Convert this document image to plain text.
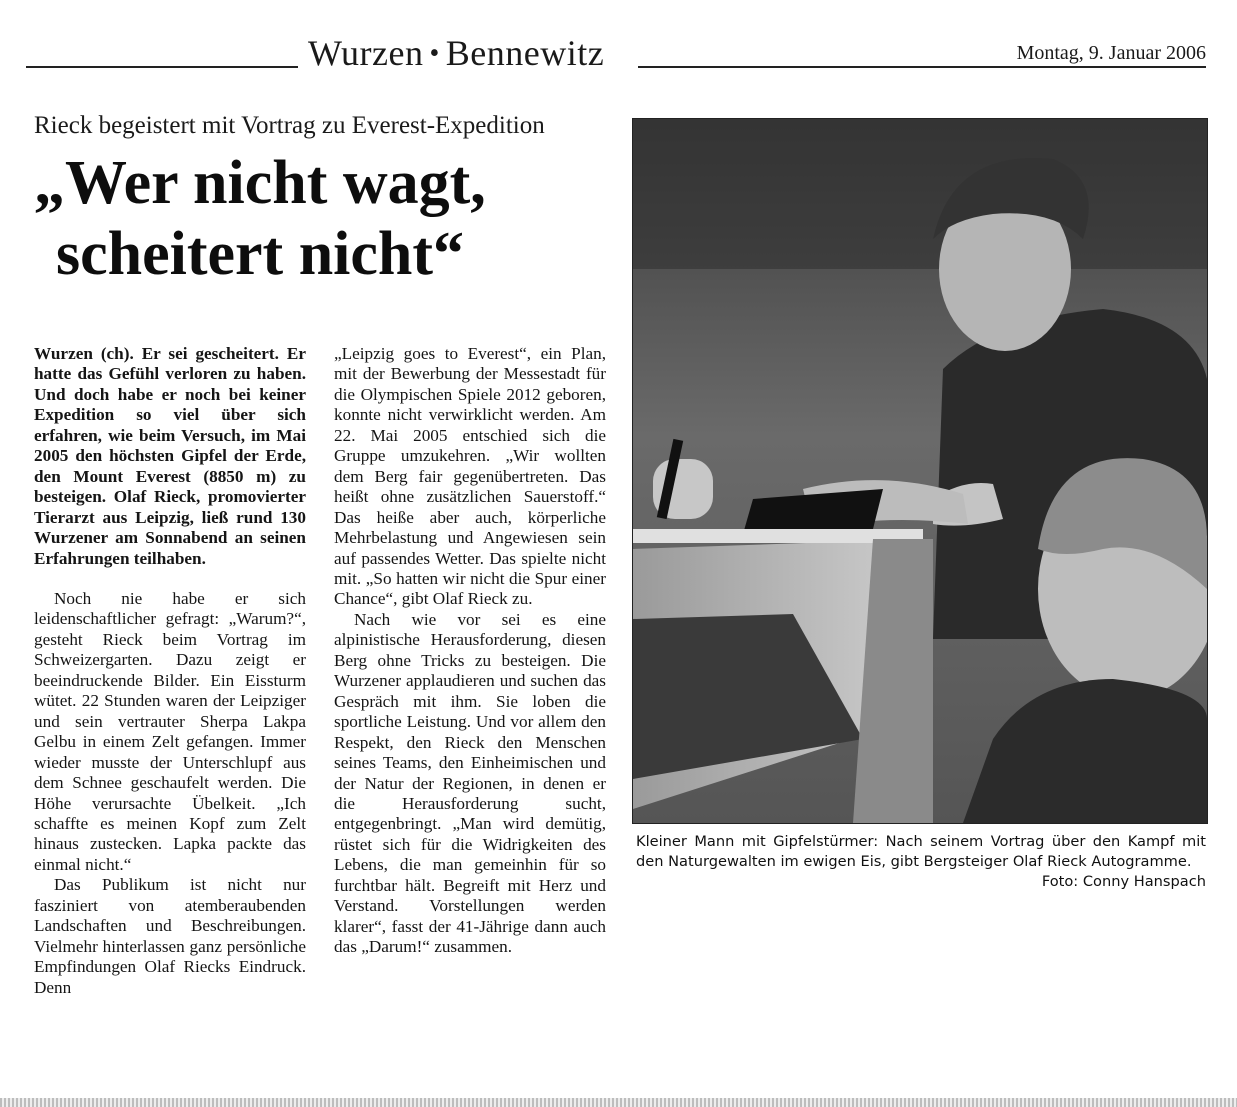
Wurzen • Bennewitz	Montag, 9. Januar 2006
Rieck begeistert mit Vortrag zu Everest-Expedition
„Wer nicht wagt,
scheitert nicht“

Wurzen (ch). Er sei gescheitert. Er hatte das Gefühl verloren zu haben. Und doch habe er noch bei keiner Expedition so viel über sich erfahren, wie beim Versuch, im Mai 2005 den höchsten Gipfel der Erde, den Mount Everest (8850 m) zu besteigen. Olaf Rieck, promovierter Tierarzt aus Leipzig, ließ rund 130 Wurzener am Sonnabend an seinen Erfahrungen teilhaben.

Noch nie habe er sich leidenschaftlicher gefragt: „Warum?“, gesteht Rieck beim Vortrag im Schweizergarten. Dazu zeigt er beeindruckende Bilder. Ein Eissturm wütet. 22 Stunden waren der Leipziger und sein vertrauter Sherpa Lakpa Gelbu in einem Zelt gefangen. Immer wieder musste der Unterschlupf aus dem Schnee geschaufelt werden. Die Höhe verursachte Übelkeit. „Ich schaffte es meinen Kopf zum Zelt hinaus zustecken. Lapka packte das einmal nicht.“

Das Publikum ist nicht nur fasziniert von atemberaubenden Landschaften und Beschreibungen. Vielmehr hinterlassen ganz persönliche Empfindungen Olaf Riecks Eindruck. Denn

„Leipzig goes to Everest“, ein Plan, mit der Bewerbung der Messestadt für die Olympischen Spiele 2012 geboren, konnte nicht verwirklicht werden. Am 22. Mai 2005 entschied sich die Gruppe umzukehren. „Wir wollten dem Berg fair gegenübertreten. Das heißt ohne zusätzlichen Sauerstoff.“ Das heiße aber auch, körperliche Mehrbelastung und Angewiesen sein auf passendes Wetter. Das spielte nicht mit. „So hatten wir nicht die Spur einer Chance“, gibt Olaf Rieck zu.

Nach wie vor sei es eine alpinistische Herausforderung, diesen Berg ohne Tricks zu besteigen. Die Wurzener applaudieren und suchen das Gespräch mit ihm. Sie loben die sportliche Leistung. Und vor allem den Respekt, den Rieck den Menschen seines Teams, den Einheimischen und der Natur der Regionen, in denen er die Herausforderung sucht, entgegenbringt. „Man wird demütig, rüstet sich für die Widrigkeiten des Lebens, die man gemeinhin für so furchtbar hält. Begreift mit Herz und Verstand. Vorstellungen werden klarer“, fasst der 41-Jährige dann auch das „Darum!“ zusammen.

Kleiner Mann mit Gipfelstürmer: Nach seinem Vortrag über den Kampf mit den Naturgewalten im ewigen Eis, gibt Bergsteiger Olaf Rieck Autogramme.
Foto: Conny Hanspach
